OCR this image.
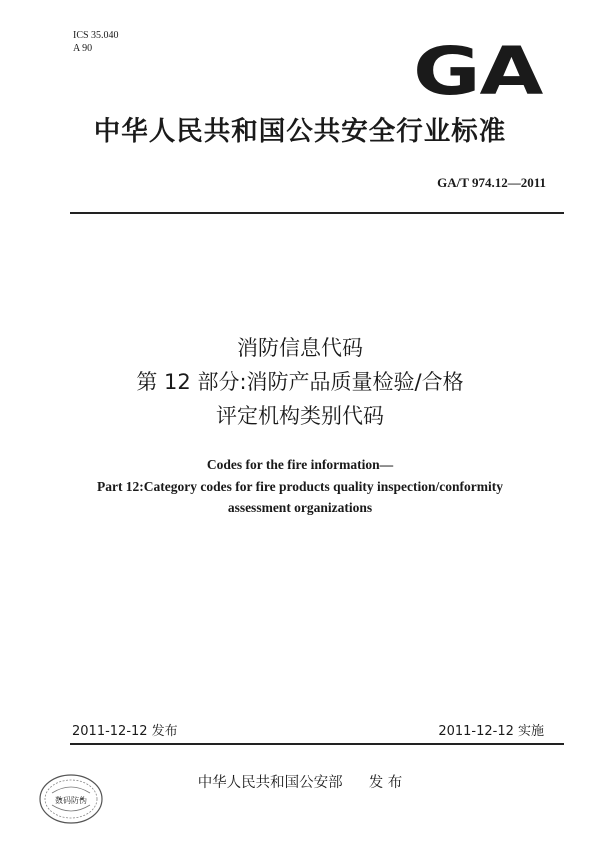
ICS 35.040
A 90	GA
中华人民共和国公共安全行业标准
GA/T 974.12—2011
消防信息代码
第 12 部分:消防产品质量检验/合格
评定机构类别代码
Codes for the fire information—
Part 12:Category codes for fire products quality inspection/conformity
assessment organizations
2011-12-12 发布	2011-12-12 实施
数码防伪
中华人民共和国公安部 发 布
